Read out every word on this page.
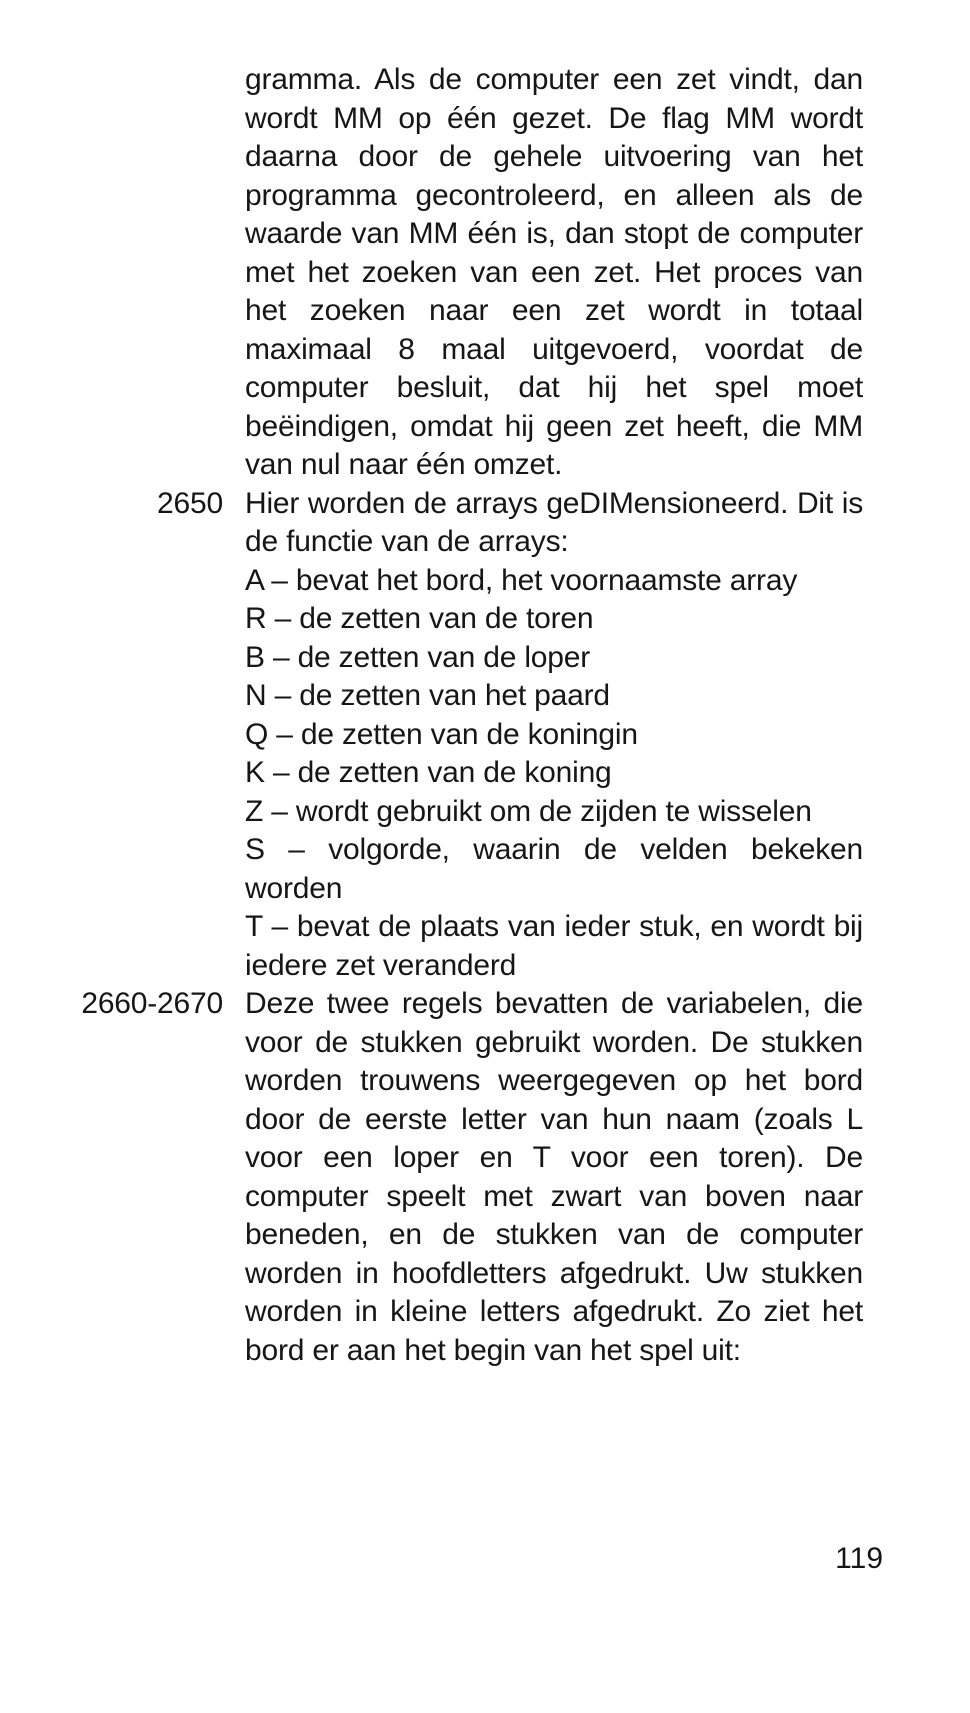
gramma. Als de computer een zet vindt, dan wordt MM op één gezet. De flag MM wordt daarna door de gehele uitvoering van het programma gecontroleerd, en alleen als de waarde van MM één is, dan stopt de computer met het zoeken van een zet. Het proces van het zoeken naar een zet wordt in totaal maximaal 8 maal uitgevoerd, voordat de computer besluit, dat hij het spel moet beëindigen, omdat hij geen zet heeft, die MM van nul naar één omzet.

2650 Hier worden de arrays geDIMensioneerd. Dit is de functie van de arrays:

A – bevat het bord, het voornaamste array
R – de zetten van de toren
B – de zetten van de loper
N – de zetten van het paard
Q – de zetten van de koningin
K – de zetten van de koning
Z – wordt gebruikt om de zijden te wisselen
S – volgorde, waarin de velden bekeken worden
T – bevat de plaats van ieder stuk, en wordt bij iedere zet veranderd
2660-2670 Deze twee regels bevatten de variabelen, die voor de stukken gebruikt worden. De stukken worden trouwens weergegeven op het bord door de eerste letter van hun naam (zoals L voor een loper en T voor een toren). De computer speelt met zwart van boven naar beneden, en de stukken van de computer worden in hoofdletters afgedrukt. Uw stukken worden in kleine letters afgedrukt. Zo ziet het bord er aan het begin van het spel uit:

119
